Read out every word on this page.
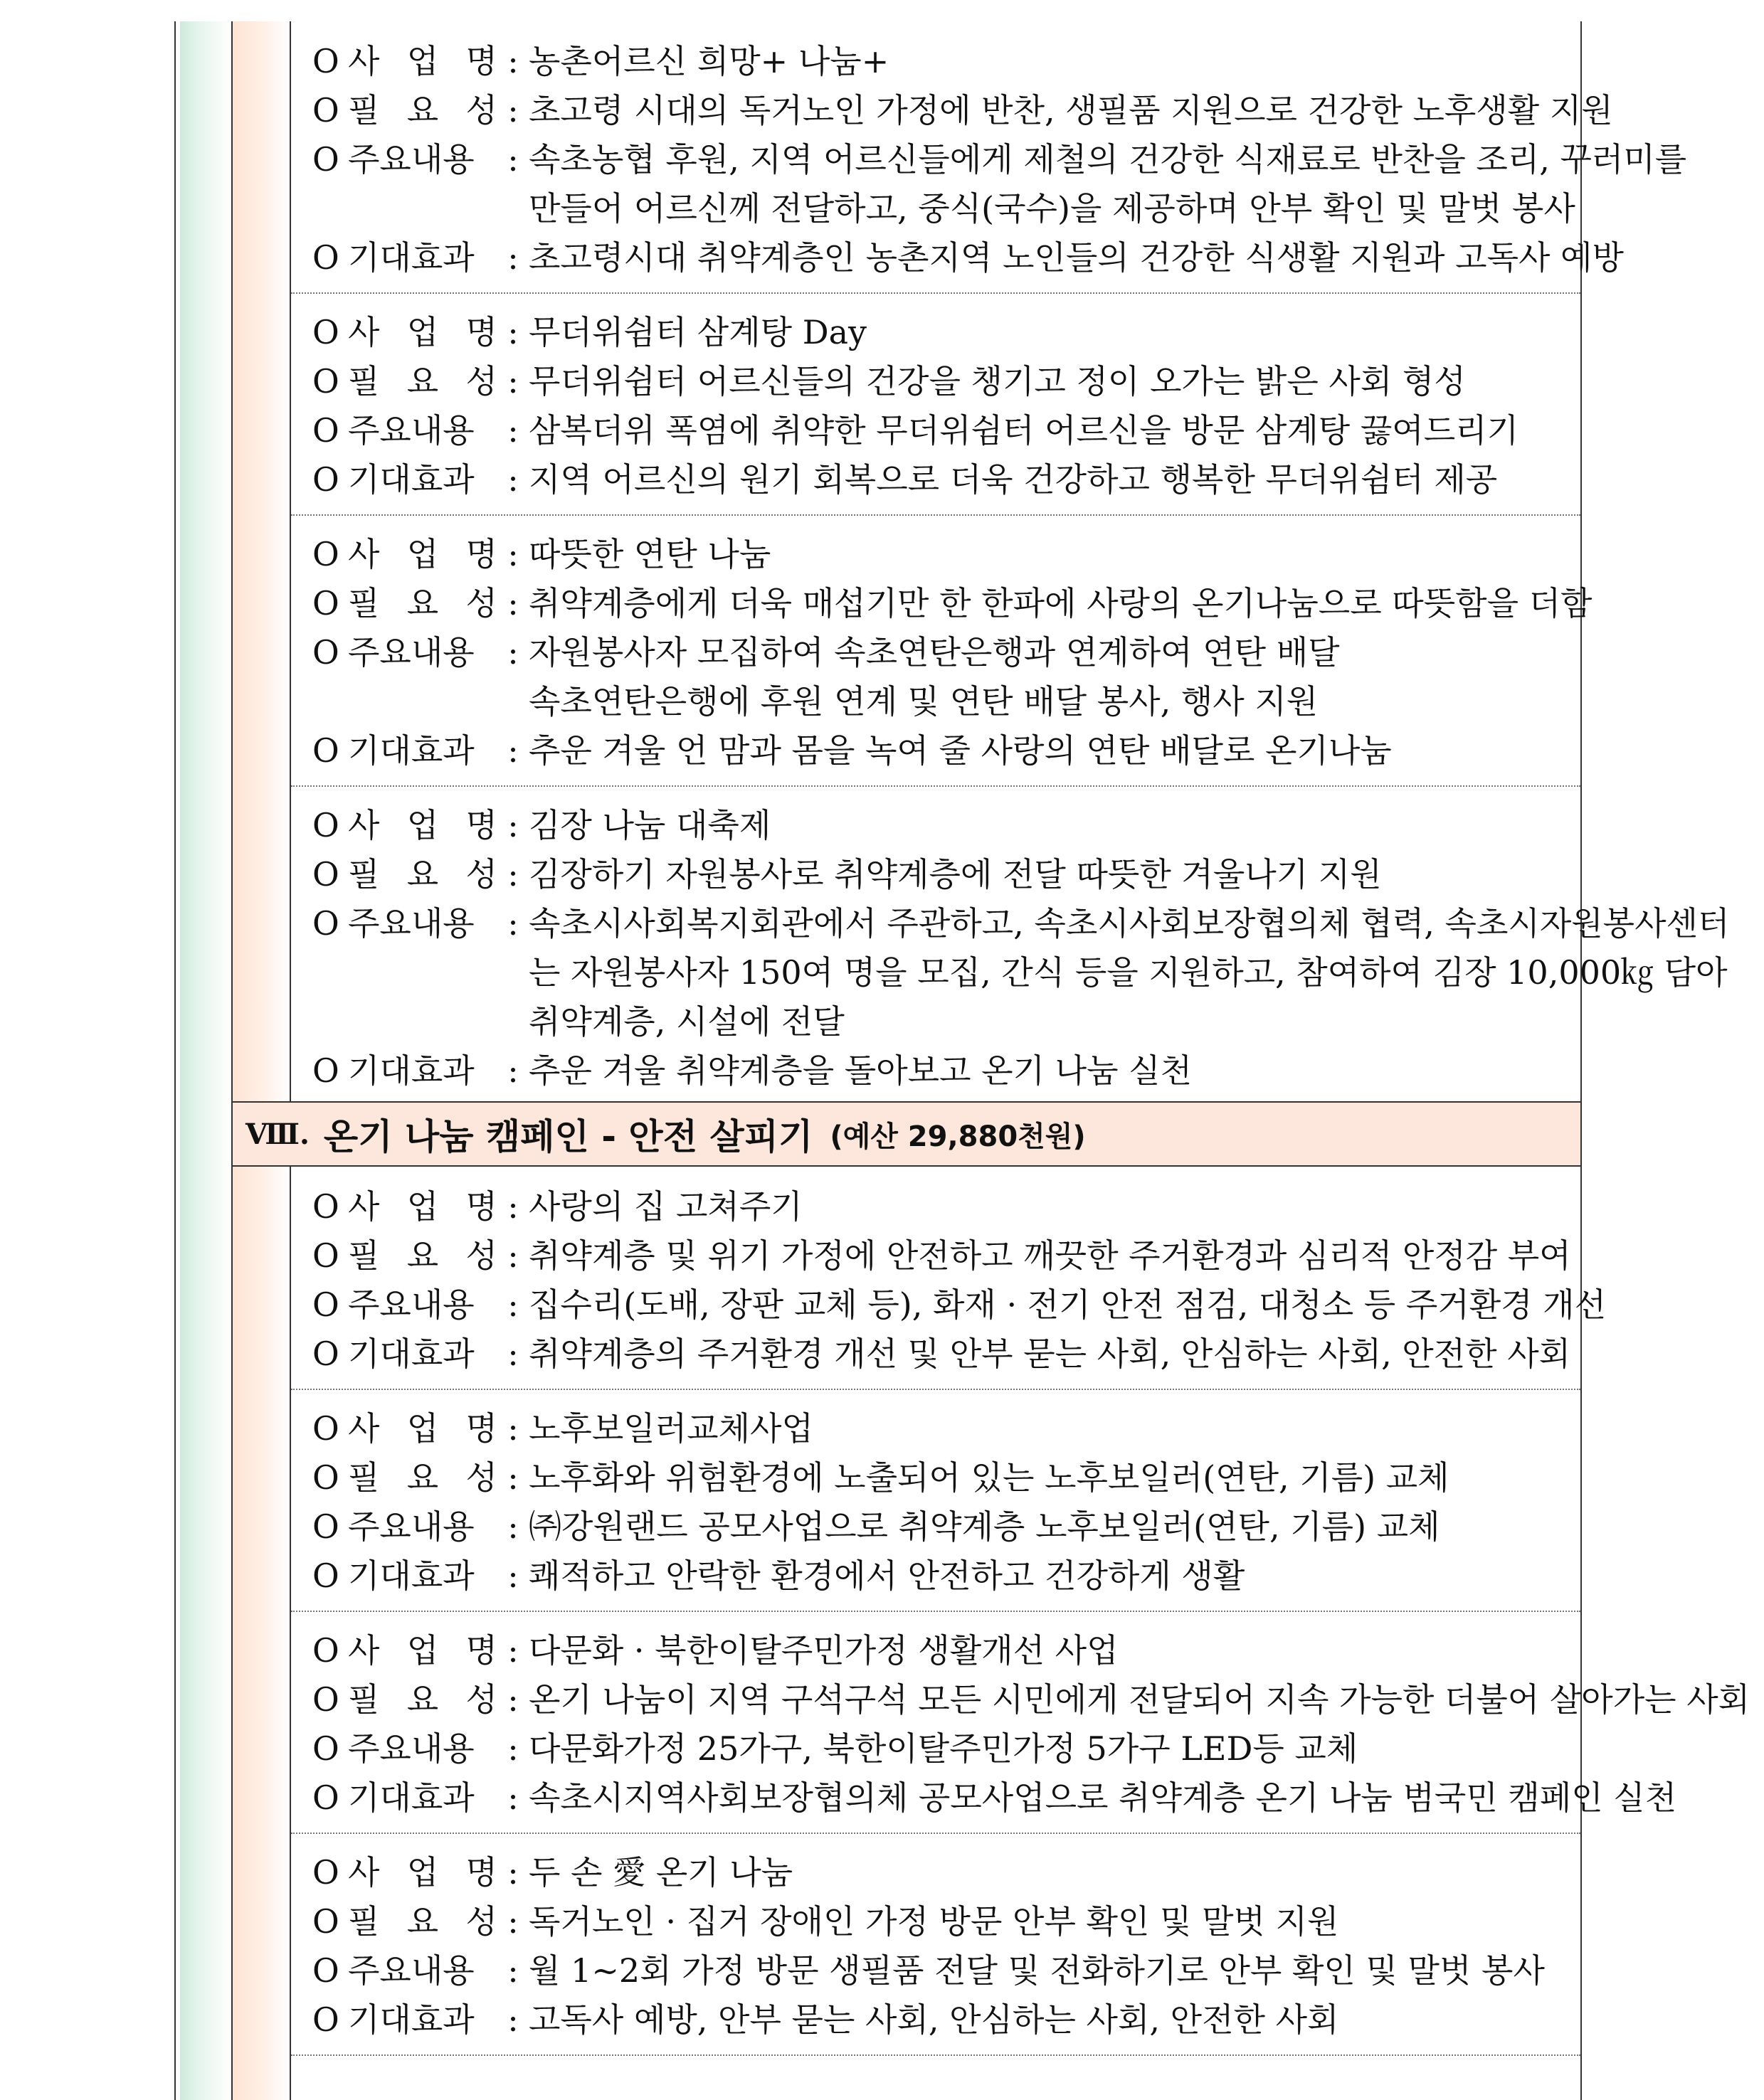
O 사 업 명 : 농촌어르신 희망+ 나눔+
O 필 요 성 : 초고령 시대의 독거노인 가정에 반찬, 생필품 지원으로 건강한 노후생활 지원
O 주요내용	: 속초농협 후원, 지역 어르신들에게 제철의 건강한 식재료로 반찬을 조리, 꾸러미를
만들어 어르신께 전달하고, 중식(국수)을 제공하며 안부 확인 및 말벗 봉사
O 기대효과	: 초고령시대 취약계층인 농촌지역 노인들의 건강한 식생활 지원과 고독사 예방
O 사 업 명 : 무더위쉼터 삼계탕 Day
O 필 요 성 : 무더위쉼터 어르신들의 건강을 챙기고 정이 오가는 밝은 사회 형성
O 주요내용	: 삼복더위 폭염에 취약한 무더위쉼터 어르신을 방문 삼계탕 끓여드리기
O 기대효과	: 지역 어르신의 원기 회복으로 더욱 건강하고 행복한 무더위쉼터 제공
O 사 업 명 : 따뜻한 연탄 나눔
O 필 요 성 : 취약계층에게 더욱 매섭기만 한 한파에 사랑의 온기나눔으로 따뜻함을 더함
O 주요내용	: 자원봉사자 모집하여 속초연탄은행과 연계하여 연탄 배달
속초연탄은행에 후원 연계 및 연탄 배달 봉사, 행사 지원
O 기대효과	: 추운 겨울 언 맘과 몸을 녹여 줄 사랑의 연탄 배달로 온기나눔
O 사 업 명 : 김장 나눔 대축제
O 필 요 성 : 김장하기 자원봉사로 취약계층에 전달 따뜻한 겨울나기 지원
O 주요내용	: 속초시사회복지회관에서 주관하고, 속초시사회보장협의체 협력, 속초시자원봉사센터
는 자원봉사자 150여 명을 모집, 간식 등을 지원하고, 참여하여 김장 10,000㎏ 담아
취약계층, 시설에 전달
O 기대효과	: 추운 겨울 취약계층을 돌아보고 온기 나눔 실천
Ⅷ. 온기 나눔 캠페인 - 안전 살피기 (예산 29,880천원)
O 사 업 명 : 사랑의 집 고쳐주기
O 필 요 성 : 취약계층 및 위기 가정에 안전하고 깨끗한 주거환경과 심리적 안정감 부여
O 주요내용	: 집수리(도배, 장판 교체 등), 화재 · 전기 안전 점검, 대청소 등 주거환경 개선
O 기대효과	: 취약계층의 주거환경 개선 및 안부 묻는 사회, 안심하는 사회, 안전한 사회
O 사 업 명 : 노후보일러교체사업
O 필 요 성 : 노후화와 위험환경에 노출되어 있는 노후보일러(연탄, 기름) 교체
O 주요내용	: ㈜강원랜드 공모사업으로 취약계층 노후보일러(연탄, 기름) 교체
O 기대효과	: 쾌적하고 안락한 환경에서 안전하고 건강하게 생활
O 사 업 명 : 다문화 · 북한이탈주민가정 생활개선 사업
O 필 요 성 : 온기 나눔이 지역 구석구석 모든 시민에게 전달되어 지속 가능한 더불어 살아가는 사회
O 주요내용	: 다문화가정 25가구, 북한이탈주민가정 5가구 LED등 교체
O 기대효과	: 속초시지역사회보장협의체 공모사업으로 취약계층 온기 나눔 범국민 캠페인 실천
O 사 업 명 : 두 손 愛 온기 나눔
O 필 요 성 : 독거노인 · 집거 장애인 가정 방문 안부 확인 및 말벗 지원
O 주요내용	: 월 1~2회 가정 방문 생필품 전달 및 전화하기로 안부 확인 및 말벗 봉사
O 기대효과	: 고독사 예방, 안부 묻는 사회, 안심하는 사회, 안전한 사회
